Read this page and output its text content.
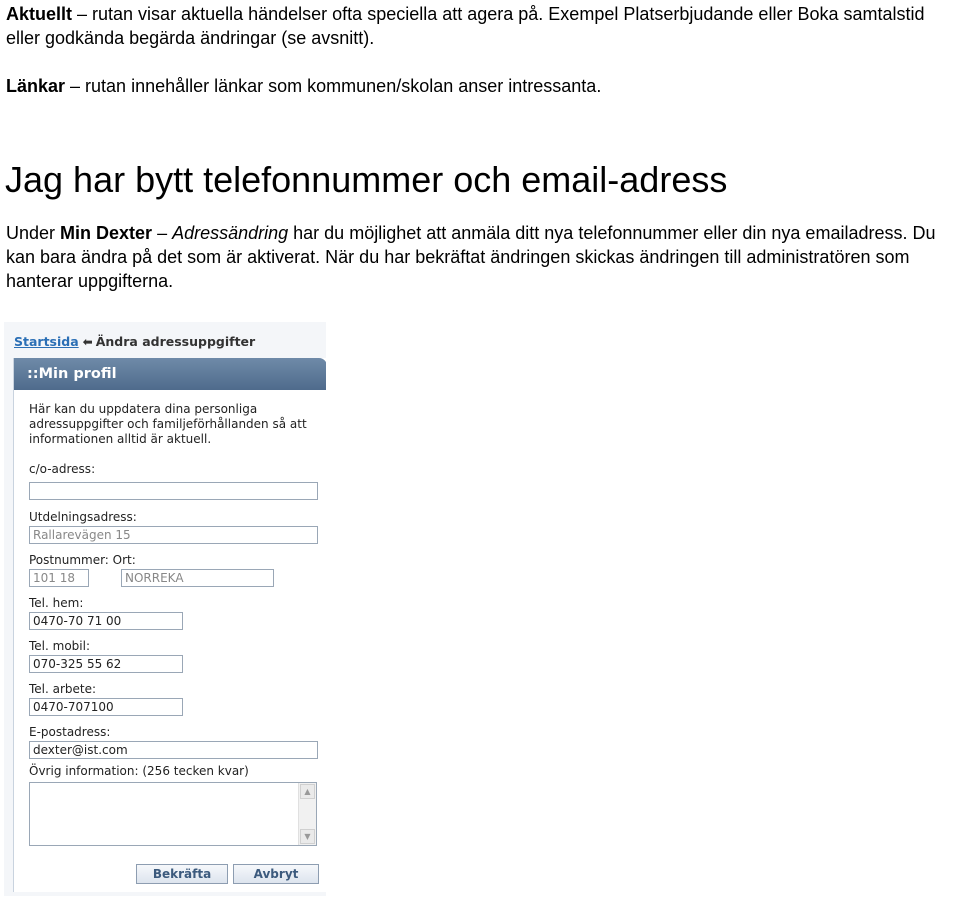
Aktuellt – rutan visar aktuella händelser ofta speciella att agera på. Exempel Platserbjudande eller Boka samtalstid eller godkända begärda ändringar (se avsnitt).

Länkar – rutan innehåller länkar som kommunen/skolan anser intressanta.

Jag har bytt telefonnummer och email-adress

Under Min Dexter – Adressändring har du möjlighet att anmäla ditt nya telefonnummer eller din nya emailadress. Du kan bara ändra på det som är aktiverat. När du har bekräftat ändringen skickas ändringen till administratören som hanterar uppgifterna.

Startsida ⬅ Ändra adressuppgifter
::Min profil
Här kan du uppdatera dina personliga adressuppgifter och familjeförhållanden så att informationen alltid är aktuell.
c/o-adress:
Utdelningsadress:
Rallarevägen 15
Postnummer: Ort:
101 18	NORREKA
Tel. hem:
0470-70 71 00
Tel. mobil:
070-325 55 62
Tel. arbete:
0470-707100
E-postadress:
dexter@ist.com
Övrig information: (256 tecken kvar)
▲
▼
Bekräfta	Avbryt
